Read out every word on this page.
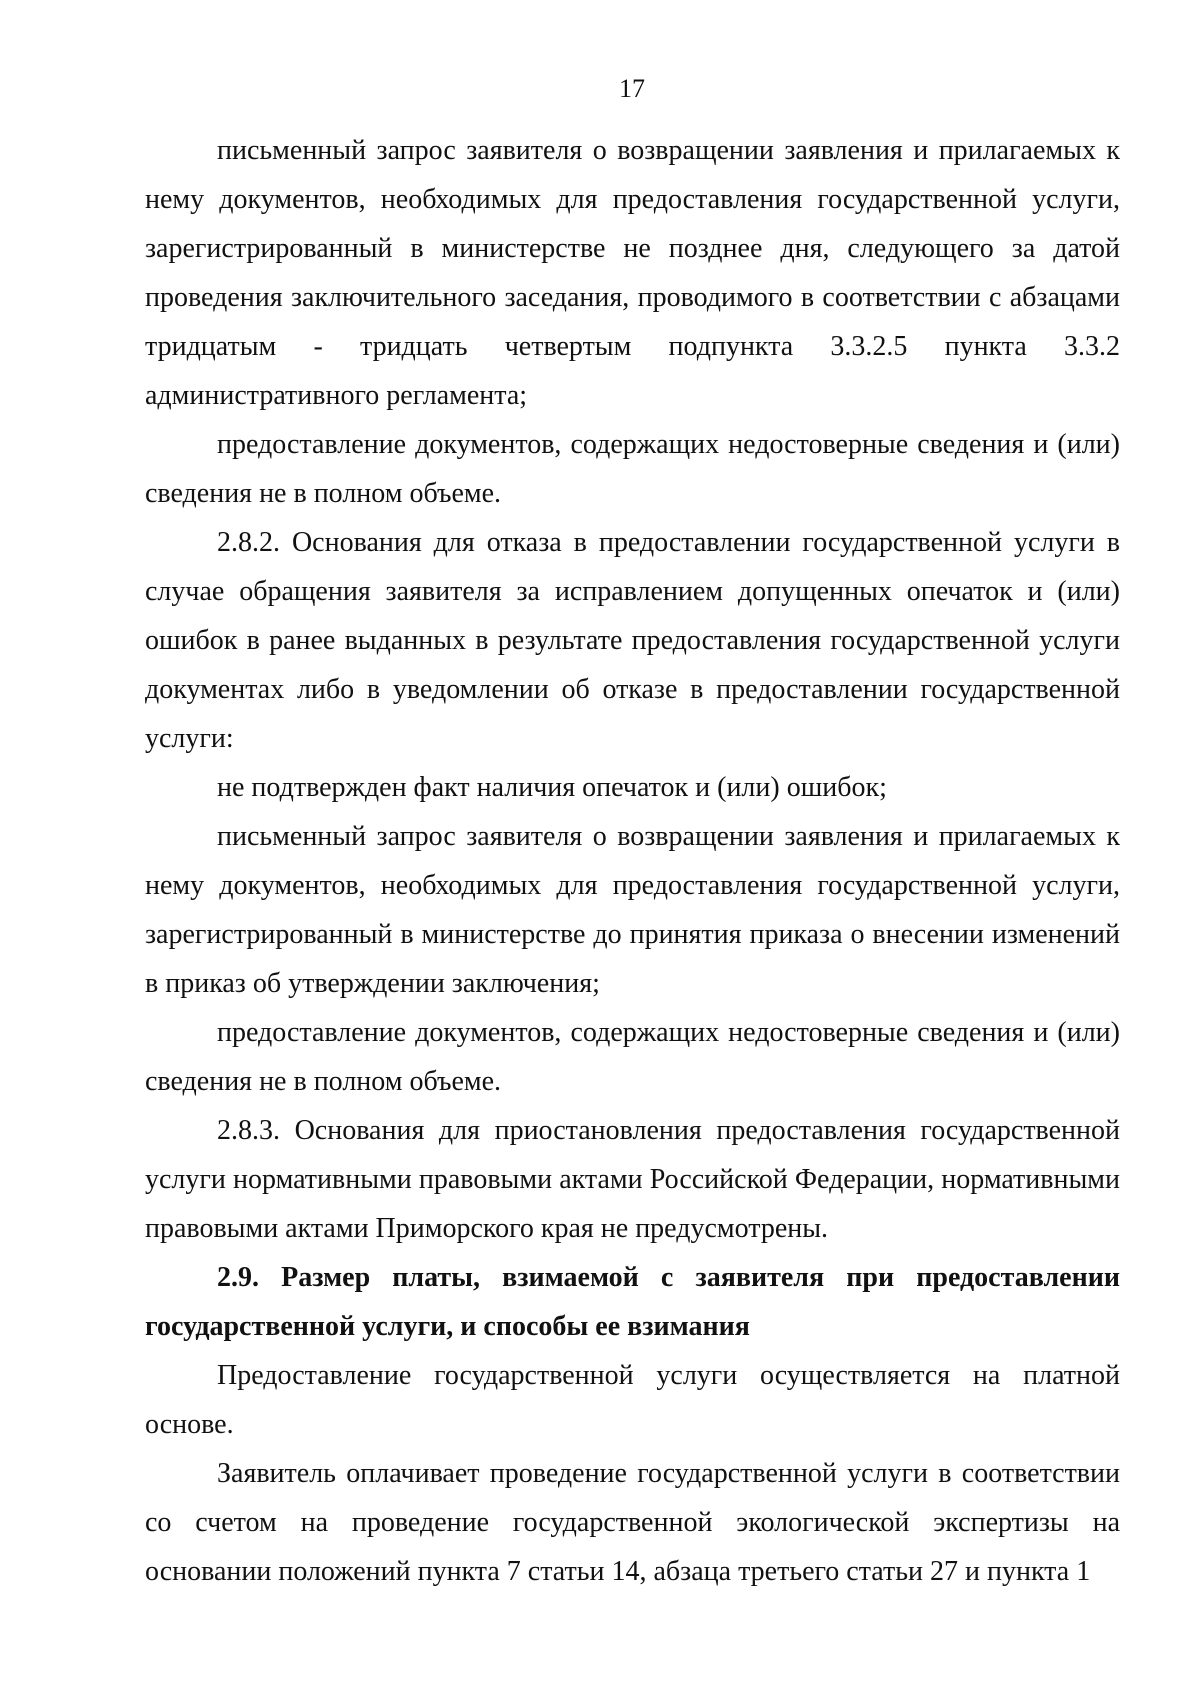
17

письменный запрос заявителя о возвращении заявления и прилагаемых к нему документов, необходимых для предоставления государственной услуги, зарегистрированный в министерстве не позднее дня, следующего за датой проведения заключительного заседания, проводимого в соответствии с абзацами тридцатым - тридцать четвертым подпункта 3.3.2.5 пункта 3.3.2 административного регламента;

предоставление документов, содержащих недостоверные сведения и (или) сведения не в полном объеме.

2.8.2. Основания для отказа в предоставлении государственной услуги в случае обращения заявителя за исправлением допущенных опечаток и (или) ошибок в ранее выданных в результате предоставления государственной услуги документах либо в уведомлении об отказе в предоставлении государственной услуги:

не подтвержден факт наличия опечаток и (или) ошибок;

письменный запрос заявителя о возвращении заявления и прилагаемых к нему документов, необходимых для предоставления государственной услуги, зарегистрированный в министерстве до принятия приказа о внесении изменений в приказ об утверждении заключения;

предоставление документов, содержащих недостоверные сведения и (или) сведения не в полном объеме.

2.8.3. Основания для приостановления предоставления государственной услуги нормативными правовыми актами Российской Федерации, нормативными правовыми актами Приморского края не предусмотрены.

2.9. Размер платы, взимаемой с заявителя при предоставлении государственной услуги, и способы ее взимания

Предоставление государственной услуги осуществляется на платной основе.

Заявитель оплачивает проведение государственной услуги в соответствии со счетом на проведение государственной экологической экспертизы на основании положений пункта 7 статьи 14, абзаца третьего статьи 27 и пункта 1
